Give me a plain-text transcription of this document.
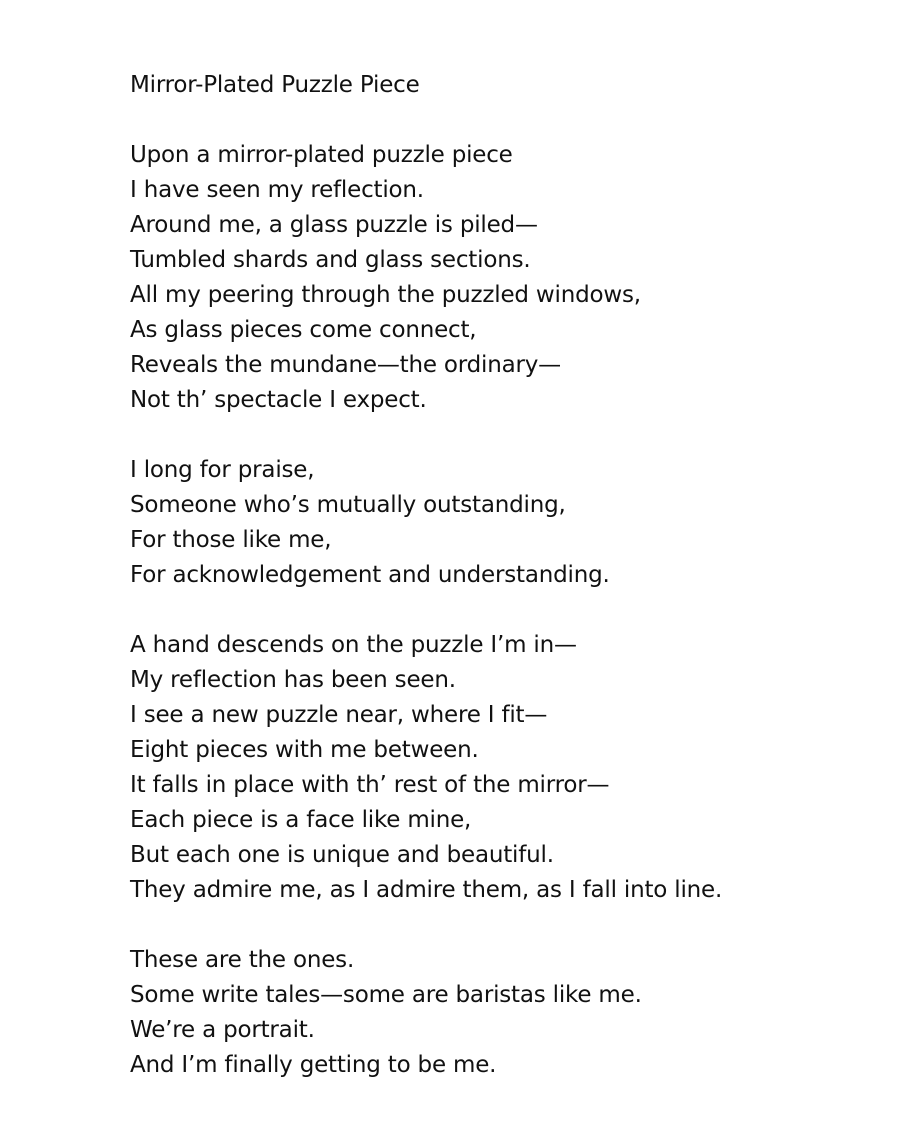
Mirror-Plated Puzzle Piece
Upon a mirror-plated puzzle piece
I have seen my reflection.
Around me, a glass puzzle is piled—
Tumbled shards and glass sections.
All my peering through the puzzled windows,
As glass pieces come connect,
Reveals the mundane—the ordinary—
Not th’ spectacle I expect.
I long for praise,
Someone who’s mutually outstanding,
For those like me,
For acknowledgement and understanding.
A hand descends on the puzzle I’m in—
My reflection has been seen.
I see a new puzzle near, where I fit—
Eight pieces with me between.
It falls in place with th’ rest of the mirror—
Each piece is a face like mine,
But each one is unique and beautiful.
They admire me, as I admire them, as I fall into line.
These are the ones.
Some write tales—some are baristas like me.
We’re a portrait.
And I’m finally getting to be me.
